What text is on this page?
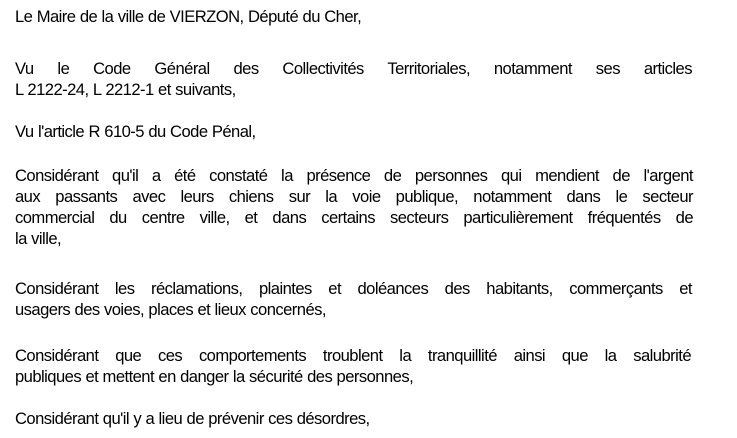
Le Maire de la ville de VIERZON, Député du Cher,
Vu le Code Général des Collectivités Territoriales, notamment ses articles
L 2122-24, L 2212-1 et suivants,
Vu l'article R 610-5 du Code Pénal,
Considérant qu'il a été constaté la présence de personnes qui mendient de l'argent
aux passants avec leurs chiens sur la voie publique, notamment dans le secteur
commercial du centre ville, et dans certains secteurs particulièrement fréquentés de
la ville,
Considérant les réclamations, plaintes et doléances des habitants, commerçants et
usagers des voies, places et lieux concernés,
Considérant que ces comportements troublent la tranquillité ainsi que la salubrité
publiques et mettent en danger la sécurité des personnes,
Considérant qu'il y a lieu de prévenir ces désordres,
